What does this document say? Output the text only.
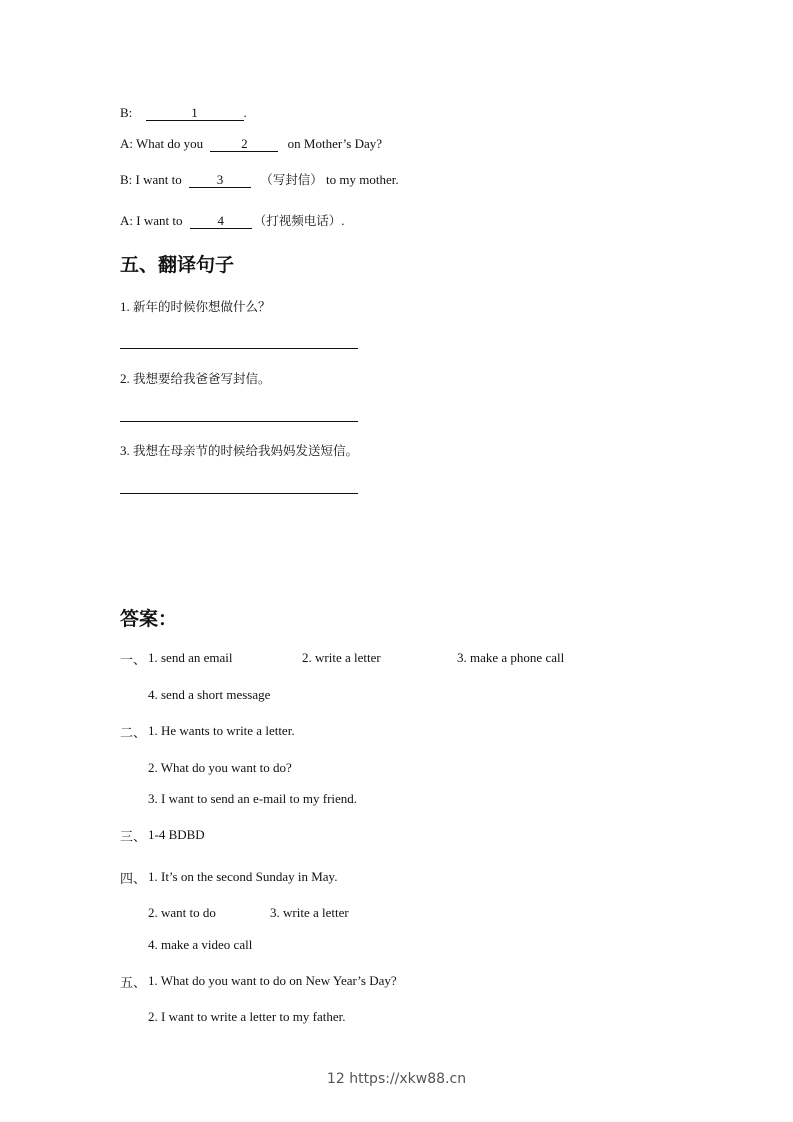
B:	1	.
A: What do you	2	on Mother’s Day?
B: I want to	3	（写封信） to my mother.
A: I want to	4 （打视频电话）.
五、翻译句子
1. 新年的时候你想做什么？
2. 我想要给我爸爸写封信。
3. 我想在母亲节的时候给我妈妈发送短信。
答案：
一、 1. send an email	2. write a letter	3. make a phone call
4. send a short message
二、 1. He wants to write a letter.
2. What do you want to do?
3. I want to send an e-mail to my friend.
三、 1-4 BDBD
四、 1. It’s on the second Sunday in May.
2. want to do	3. write a letter
4. make a video call
五、 1. What do you want to do on New Year’s Day?
2. I want to write a letter to my father.
12 https://xkw88.cn
